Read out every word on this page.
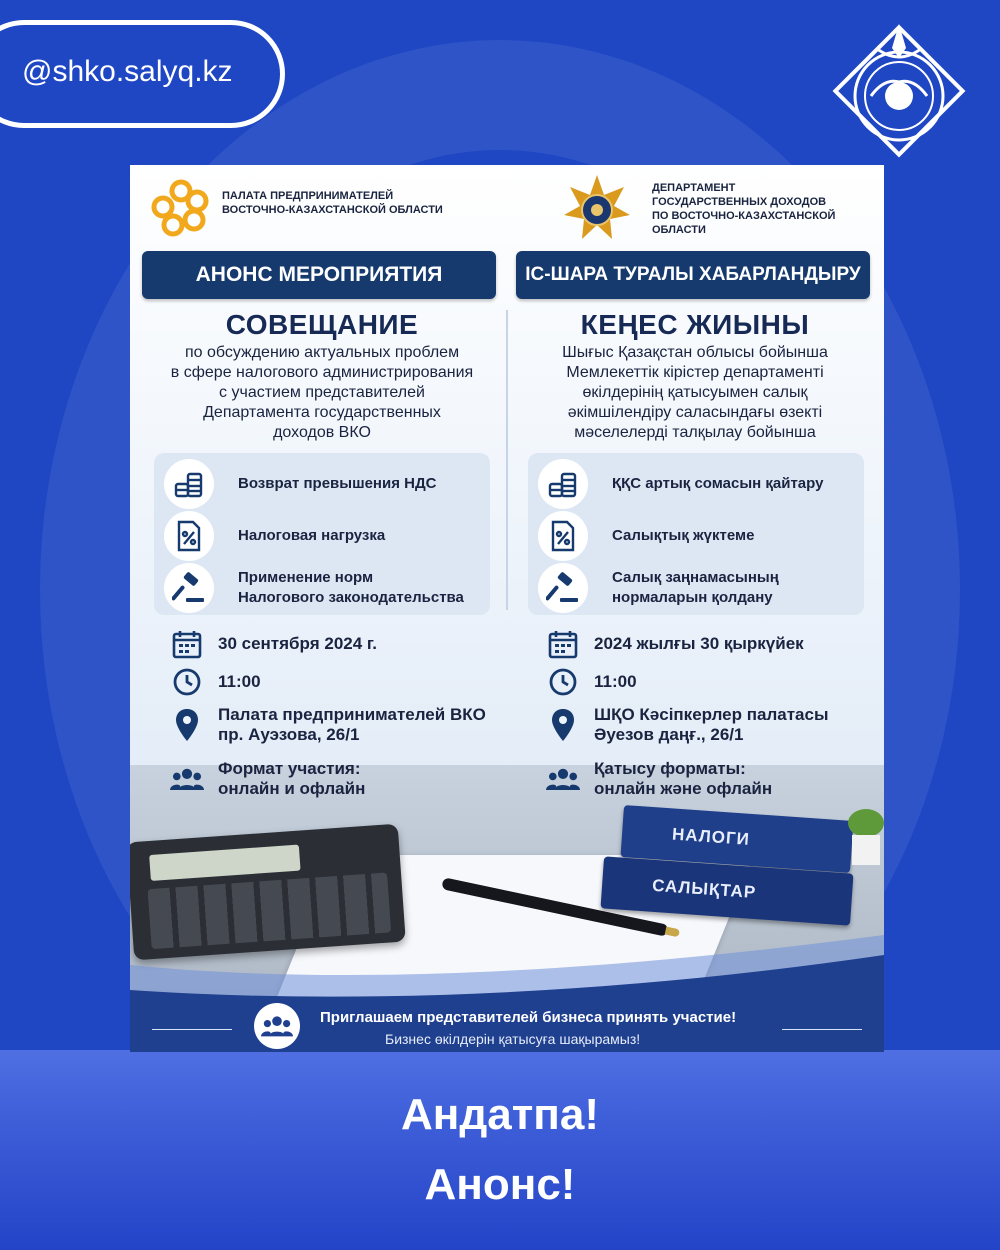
@shko.salyq.kz
ПАЛАТА ПРЕДПРИНИМАТЕЛЕЙ
ВОСТОЧНО-КАЗАХСТАНСКОЙ ОБЛАСТИ
ДЕПАРТАМЕНТ
ГОСУДАРСТВЕННЫХ ДОХОДОВ
ПО ВОСТОЧНО-КАЗАХСТАНСКОЙ ОБЛАСТИ
АНОНС МЕРОПРИЯТИЯ	ІС-ШАРА ТУРАЛЫ ХАБАРЛАНДЫРУ
СОВЕЩАНИЕ
по обсуждению актуальных проблем
в сфере налогового администрирования
с участием представителей
Департамента государственных
доходов ВКО
КЕҢЕС ЖИЫНЫ
Шығыс Қазақстан облысы бойынша
Мемлекеттік кірістер департаменті
өкілдерінің қатысуымен салық
әкімшілендіру саласындағы өзекті
мәселелерді талқылау бойынша
Возврат превышения НДС
Налоговая нагрузка
Применение норм
Налогового законодательства
ҚҚС артық сомасын қайтару
Салықтық жүктеме
Салық заңнамасының
нормаларын қолдану
НАЛОГИ
САЛЫҚТАР
30 сентября 2024 г.
11:00
Палата предпринимателей ВКО
пр. Ауэзова, 26/1
Формат участия:
онлайн и офлайн
2024 жылғы 30 қыркүйек
11:00
ШҚО Кәсіпкерлер палатасы
Әуезов даңғ., 26/1
Қатысу форматы:
онлайн және офлайн
Приглашаем представителей бизнеса принять участие!
Бизнес өкілдерін қатысуға шақырамыз!
Андатпа!
Анонс!
